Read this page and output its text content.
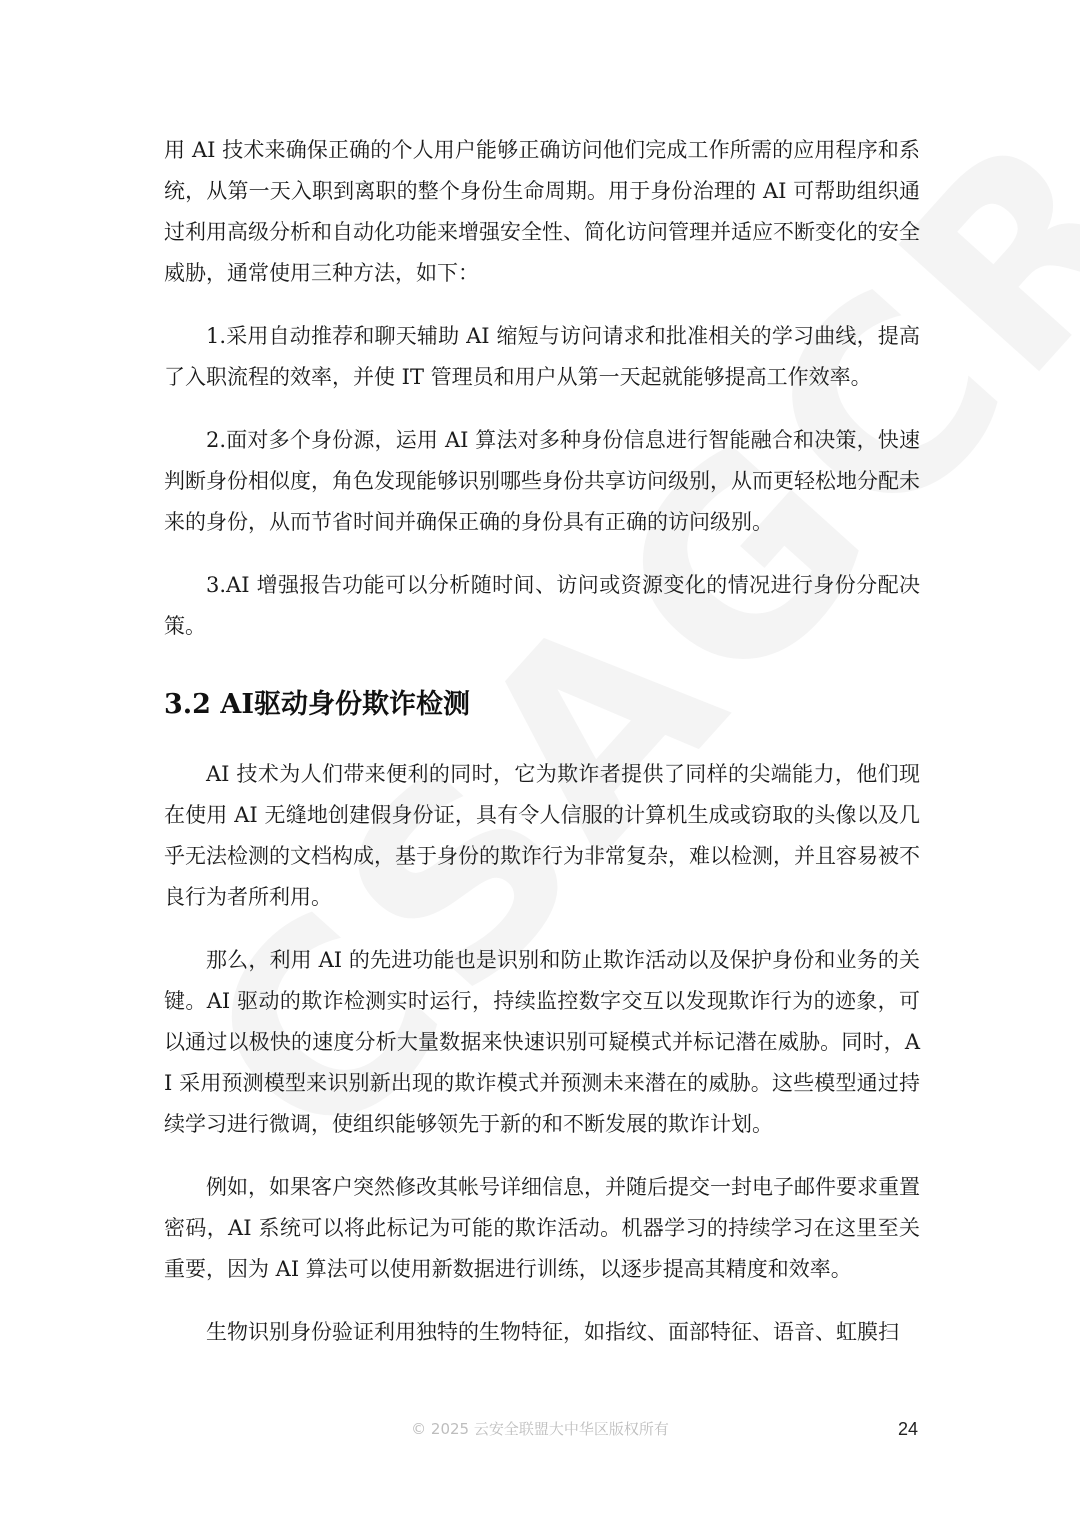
用 AI 技术来确保正确的个人用户能够正确访问他们完成工作所需的应用程序和系统，从第一天入职到离职的整个身份生命周期。用于身份治理的 AI 可帮助组织通过利用高级分析和自动化功能来增强安全性、简化访问管理并适应不断变化的安全威胁，通常使用三种方法，如下：

1.采用自动推荐和聊天辅助 AI 缩短与访问请求和批准相关的学习曲线，提高了入职流程的效率，并使 IT 管理员和用户从第一天起就能够提高工作效率。

2.面对多个身份源，运用 AI 算法对多种身份信息进行智能融合和决策，快速判断身份相似度，角色发现能够识别哪些身份共享访问级别，从而更轻松地分配未来的身份，从而节省时间并确保正确的身份具有正确的访问级别。

3.AI 增强报告功能可以分析随时间、访问或资源变化的情况进行身份分配决策。

3.2 AI驱动身份欺诈检测

AI 技术为人们带来便利的同时，它为欺诈者提供了同样的尖端能力，他们现在使用 AI 无缝地创建假身份证，具有令人信服的计算机生成或窃取的头像以及几乎无法检测的文档构成，基于身份的欺诈行为非常复杂，难以检测，并且容易被不良行为者所利用。

那么，利用 AI 的先进功能也是识别和防止欺诈活动以及保护身份和业务的关键。AI 驱动的欺诈检测实时运行，持续监控数字交互以发现欺诈行为的迹象，可以通过以极快的速度分析大量数据来快速识别可疑模式并标记潜在威胁。同时，AI 采用预测模型来识别新出现的欺诈模式并预测未来潜在的威胁。这些模型通过持续学习进行微调，使组织能够领先于新的和不断发展的欺诈计划。

例如，如果客户突然修改其帐号详细信息，并随后提交一封电子邮件要求重置密码，AI 系统可以将此标记为可能的欺诈活动。机器学习的持续学习在这里至关重要，因为 AI 算法可以使用新数据进行训练，以逐步提高其精度和效率。

生物识别身份验证利用独特的生物特征，如指纹、面部特征、语音、虹膜扫

© 2025 云安全联盟大中华区版权所有	24
